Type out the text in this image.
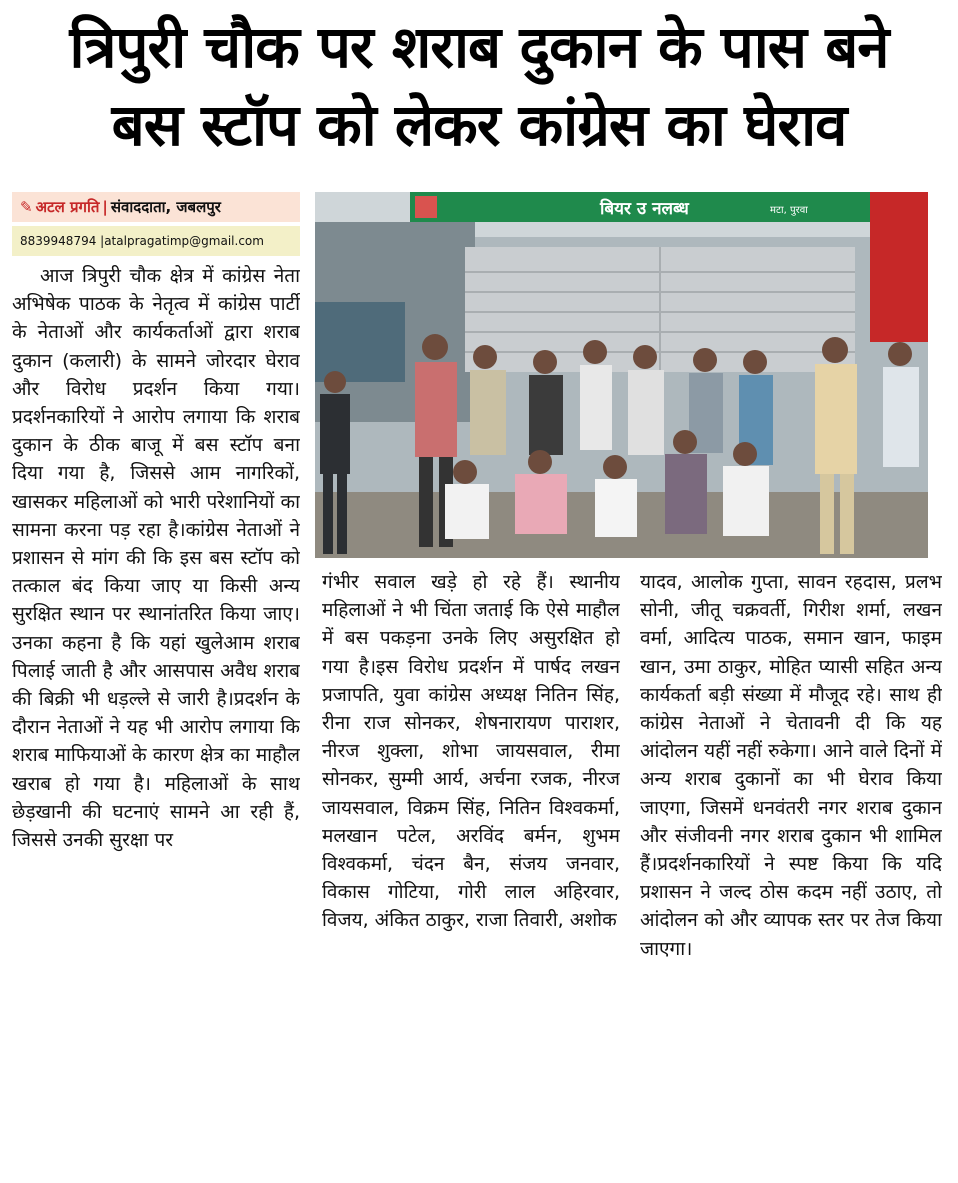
त्रिपुरी चौक पर शराब दुकान के पास बने
बस स्टॉप को लेकर कांग्रेस का घेराव
✎ अटल प्रगति | संवाददाता, जबलपुर
8839948794 |atalpragatimp@gmail.com
आज त्रिपुरी चौक क्षेत्र में कांग्रेस नेता अभिषेक पाठक के नेतृत्व में कांग्रेस पार्टी के नेताओं और कार्यकर्ताओं द्वारा शराब दुकान (कलारी) के सामने जोरदार घेराव और विरोध प्रदर्शन किया गया।प्रदर्शनकारियों ने आरोप लगाया कि शराब दुकान के ठीक बाजू में बस स्टॉप बना दिया गया है, जिससे आम नागरिकों, खासकर महिलाओं को भारी परेशानियों का सामना करना पड़ रहा है।कांग्रेस नेताओं ने प्रशासन से मांग की कि इस बस स्टॉप को तत्काल बंद किया जाए या किसी अन्य सुरक्षित स्थान पर स्थानांतरित किया जाए। उनका कहना है कि यहां खुलेआम शराब पिलाई जाती है और आसपास अवैध शराब की बिक्री भी धड़ल्ले से जारी है।प्रदर्शन के दौरान नेताओं ने यह भी आरोप लगाया कि शराब माफियाओं के कारण क्षेत्र का माहौल खराब हो गया है। महिलाओं के साथ छेड़खानी की घटनाएं सामने आ रही हैं, जिससे उनकी सुरक्षा पर
गंभीर सवाल खड़े हो रहे हैं। स्थानीय महिलाओं ने भी चिंता जताई कि ऐसे माहौल में बस पकड़ना उनके लिए असुरक्षित हो गया है।इस विरोध प्रदर्शन में पार्षद लखन प्रजापति, युवा कांग्रेस अध्यक्ष नितिन सिंह, रीना राज सोनकर, शेषनारायण पाराशर, नीरज शुक्ला, शोभा जायसवाल, रीमा सोनकर, सुम्मी आर्य, अर्चना रजक, नीरज जायसवाल, विक्रम सिंह, नितिन विश्वकर्मा, मलखान पटेल, अरविंद बर्मन, शुभम विश्वकर्मा, चंदन बैन, संजय जनवार, विकास गोटिया, गोरी लाल अहिरवार, विजय, अंकित ठाकुर, राजा तिवारी, अशोक
यादव, आलोक गुप्ता, सावन रहदास, प्रलभ सोनी, जीतू चक्रवर्ती, गिरीश शर्मा, लखन वर्मा, आदित्य पाठक, समान खान, फाइम खान, उमा ठाकुर, मोहित प्यासी सहित अन्य कार्यकर्ता बड़ी संख्या में मौजूद रहे। साथ ही कांग्रेस नेताओं ने चेतावनी दी कि यह आंदोलन यहीं नहीं रुकेगा। आने वाले दिनों में अन्य शराब दुकानों का भी घेराव किया जाएगा, जिसमें धनवंतरी नगर शराब दुकान और संजीवनी नगर शराब दुकान भी शामिल हैं।प्रदर्शनकारियों ने स्पष्ट किया कि यदि प्रशासन ने जल्द ठोस कदम नहीं उठाए, तो आंदोलन को और व्यापक स्तर पर तेज किया जाएगा।
बियर उ नलब्ध	मटा, पुरवा
